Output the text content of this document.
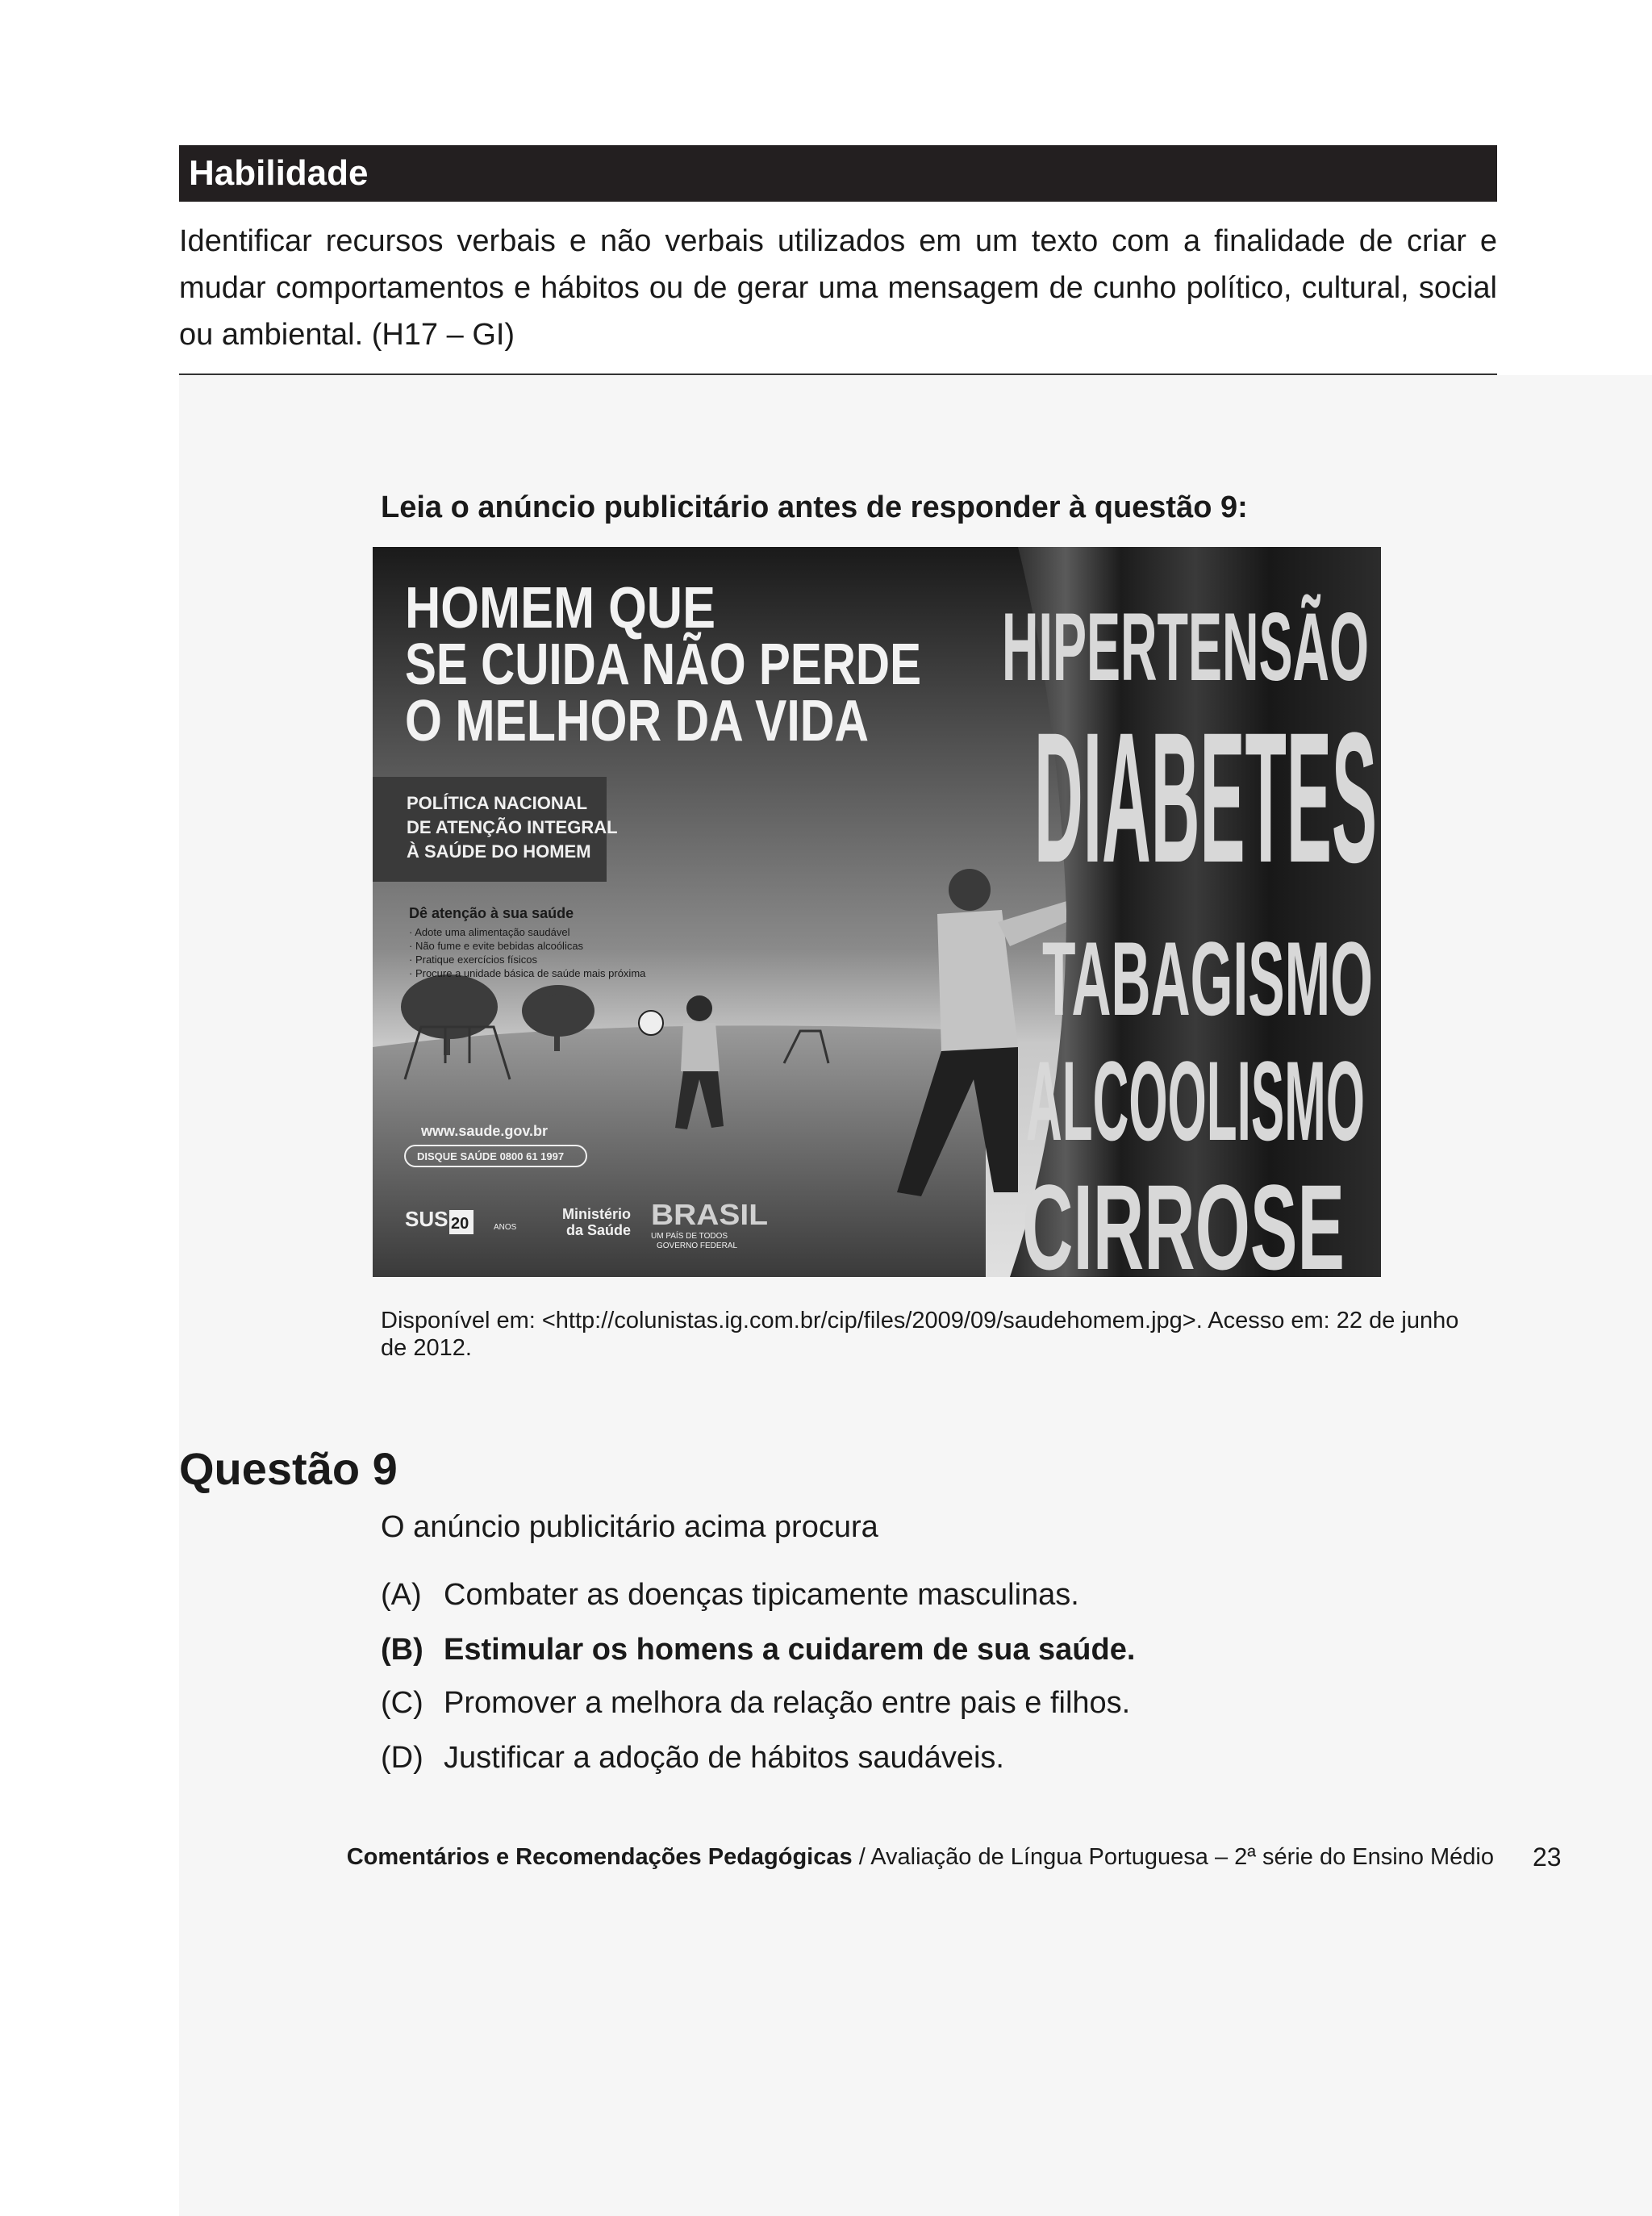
Habilidade
Identificar recursos verbais e não verbais utilizados em um texto com a finalidade de criar e mudar comportamentos e hábitos ou de gerar uma mensagem de cunho político, cultural, social ou ambiental. (H17 – GI)
Leia o anúncio publicitário antes de responder à questão 9:
HIPERTENSÃO
DIABETES
TABAGISMO
ALCOOLISMO
CIRROSE
HOMEM QUE
SE CUIDA NÃO PERDE
O MELHOR DA VIDA
POLÍTICA NACIONAL
DE ATENÇÃO INTEGRAL
À SAÚDE DO HOMEM
Dê atenção à sua saúde
· Adote uma alimentação saudável
· Não fume e evite bebidas alcoólicas
· Pratique exercícios físicos
· Procure a unidade básica de saúde mais próxima
www.saude.gov.br
DISQUE SAÚDE 0800 61 1997
SUS 20	ANOS
Ministério
da Saúde BRASIL
UM PAÍS DE TODOS
GOVERNO FEDERAL
Disponível em: <http://colunistas.ig.com.br/cip/files/2009/09/saudehomem.jpg>. Acesso em: 22 de junho de 2012.
Questão 9
O anúncio publicitário acima procura
(A) Combater as doenças tipicamente masculinas.
(B) Estimular os homens a cuidarem de sua saúde.
(C) Promover a melhora da relação entre pais e filhos.
(D) Justificar a adoção de hábitos saudáveis.
Comentários e Recomendações Pedagógicas / Avaliação de Língua Portuguesa – 2ª série do Ensino Médio 23
